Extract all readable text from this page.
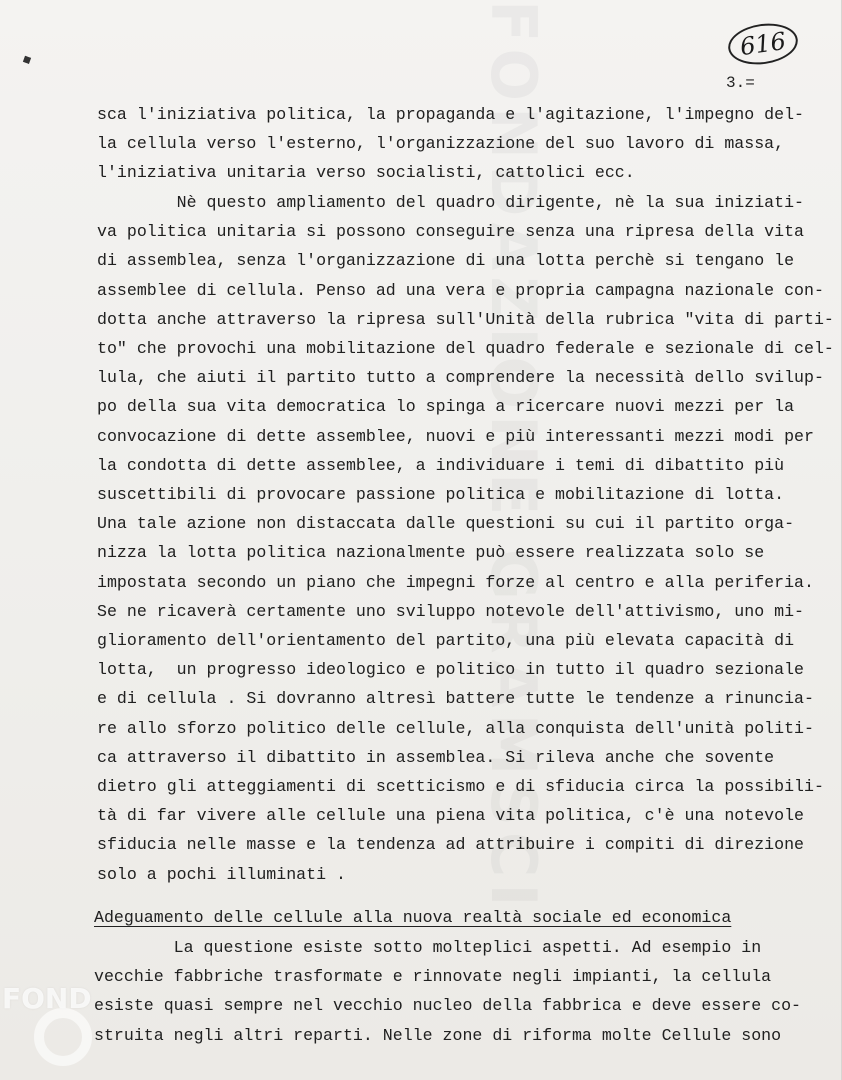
FONDAZIONE GRAMSCI
◆	616
3.=
sca l'iniziativa politica, la propaganda e l'agitazione, l'impegno del-
la cellula verso l'esterno, l'organizzazione del suo lavoro di massa,
l'iniziativa unitaria verso socialisti, cattolici ecc.
Nè questo ampliamento del quadro dirigente, nè la sua iniziati-
va politica unitaria si possono conseguire senza una ripresa della vita
di assemblea, senza l'organizzazione di una lotta perchè si tengano le
assemblee di cellula. Penso ad una vera e propria campagna nazionale con-
dotta anche attraverso la ripresa sull'Unità della rubrica "vita di parti-
to" che provochi una mobilitazione del quadro federale e sezionale di cel-
lula, che aiuti il partito tutto a comprendere la necessità dello svilup-
po della sua vita democratica lo spinga a ricercare nuovi mezzi per la
convocazione di dette assemblee, nuovi e più interessanti mezzi modi per
la condotta di dette assemblee, a individuare i temi di dibattito più
suscettibili di provocare passione politica e mobilitazione di lotta.
Una tale azione non distaccata dalle questioni su cui il partito orga-
nizza la lotta politica nazionalmente può essere realizzata solo se
impostata secondo un piano che impegni forze al centro e alla periferia.
Se ne ricaverà certamente uno sviluppo notevole dell'attivismo, uno mi-
glioramento dell'orientamento del partito, una più elevata capacità di
lotta,  un progresso ideologico e politico in tutto il quadro sezionale
e di cellula . Si dovranno altresì battere tutte le tendenze a rinuncia-
re allo sforzo politico delle cellule, alla conquista dell'unità politi-
ca attraverso il dibattito in assemblea. Si rileva anche che sovente
dietro gli atteggiamenti di scetticismo e di sfiducia circa la possibili-
tà di far vivere alle cellule una piena vita politica, c'è una notevole
sfiducia nelle masse e la tendenza ad attribuire i compiti di direzione
solo a pochi illuminati .
Adeguamento delle cellule alla nuova realtà sociale ed economica
La questione esiste sotto molteplici aspetti. Ad esempio in
vecchie fabbriche trasformate e rinnovate negli impianti, la cellula
esiste quasi sempre nel vecchio nucleo della fabbrica e deve essere co-
struita negli altri reparti. Nelle zone di riforma molte Cellule sono
FOND
